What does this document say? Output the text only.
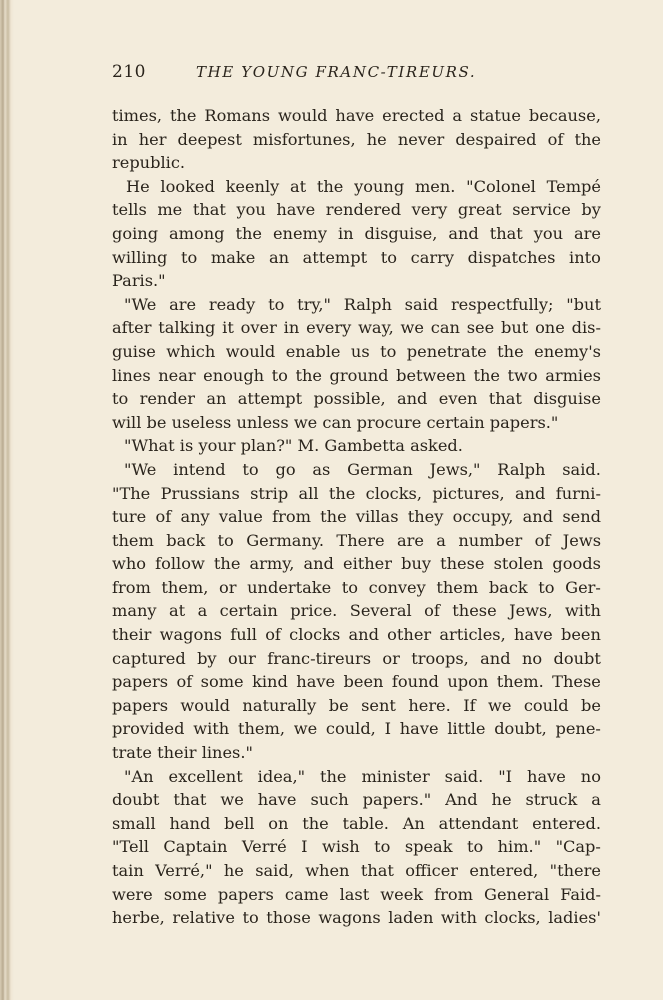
210	THE YOUNG FRANC-TIREURS.
times, the Romans would have erected a statue because,
in her deepest misfortunes, he never despaired of the
republic.
He looked keenly at the young men. "Colonel Tempé
tells me that you have rendered very great service by
going among the enemy in disguise, and that you are
willing to make an attempt to carry dispatches into
Paris."
"We are ready to try," Ralph said respectfully; "but
after talking it over in every way, we can see but one dis-
guise which would enable us to penetrate the enemy's
lines near enough to the ground between the two armies
to render an attempt possible, and even that disguise
will be useless unless we can procure certain papers."
"What is your plan?" M. Gambetta asked.
"We intend to go as German Jews," Ralph said.
"The Prussians strip all the clocks, pictures, and furni-
ture of any value from the villas they occupy, and send
them back to Germany. There are a number of Jews
who follow the army, and either buy these stolen goods
from them, or undertake to convey them back to Ger-
many at a certain price. Several of these Jews, with
their wagons full of clocks and other articles, have been
captured by our franc-tireurs or troops, and no doubt
papers of some kind have been found upon them. These
papers would naturally be sent here. If we could be
provided with them, we could, I have little doubt, pene-
trate their lines."
"An excellent idea," the minister said. "I have no
doubt that we have such papers." And he struck a
small hand bell on the table. An attendant entered.
"Tell Captain Verré I wish to speak to him." "Cap-
tain Verré," he said, when that officer entered, "there
were some papers came last week from General Faid-
herbe, relative to those wagons laden with clocks, ladies'
